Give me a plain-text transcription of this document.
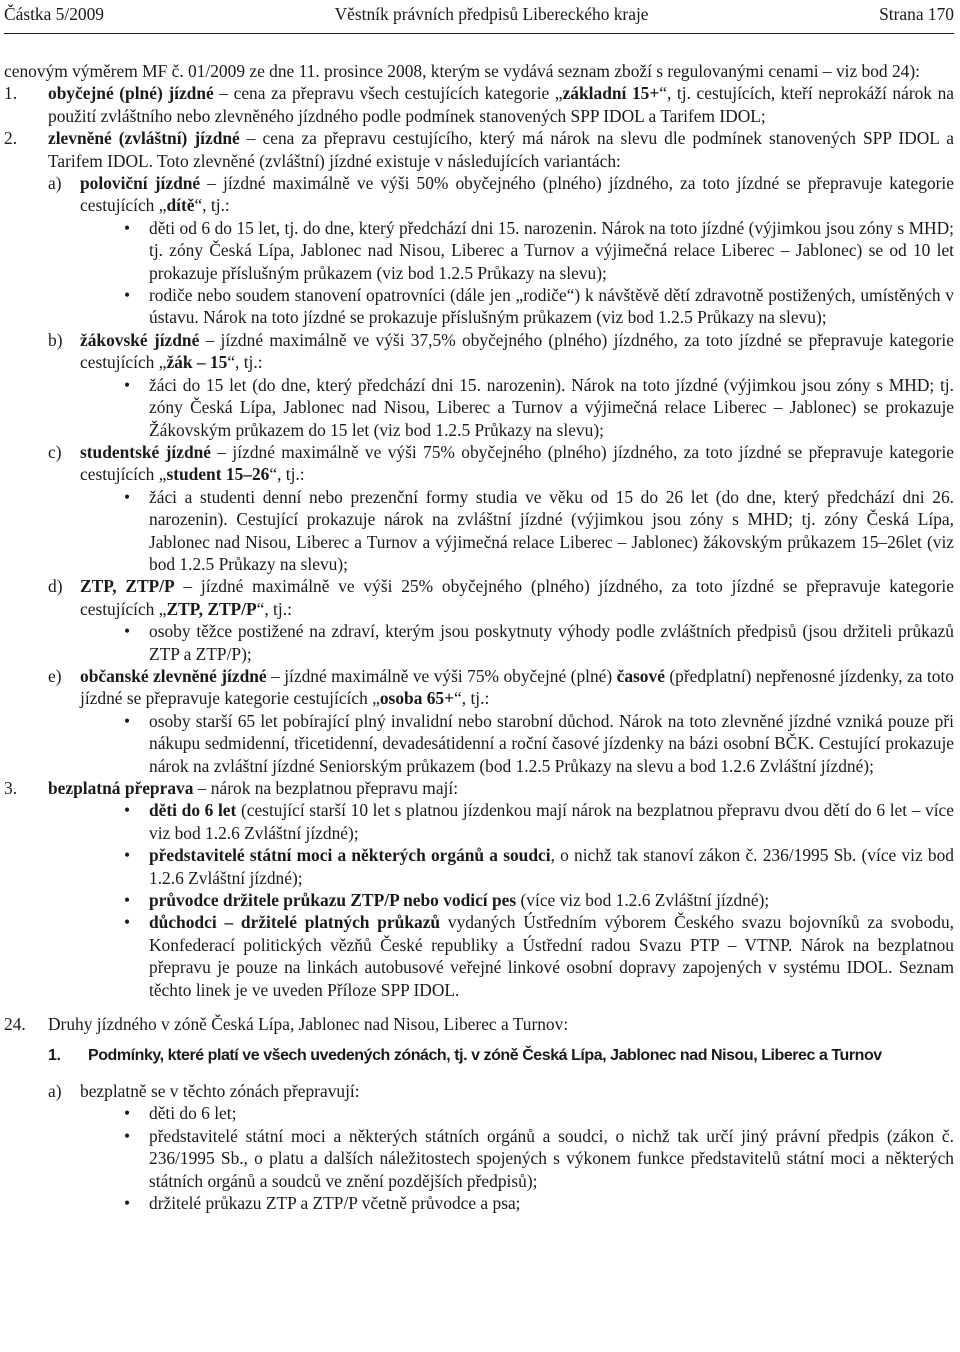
Částka 5/2009	Věstník právních předpisů Libereckého kraje	Strana 170

cenovým výměrem MF č. 01/2009 ze dne 11. prosince 2008, kterým se vydává seznam zboží s regulovanými cenami – viz bod 24):

1.	obyčejné (plné) jízdné – cena za přepravu všech cestujících kategorie „základní 15+“, tj. cestujících, kteří neprokáží nárok na použití zvláštního nebo zlevněného jízdného podle podmínek stanovených SPP IDOL a Tarifem IDOL;
2.	zlevněné (zvláštní) jízdné – cena za přepravu cestujícího, který má nárok na slevu dle podmínek stanovených SPP IDOL a Tarifem IDOL. Toto zlevněné (zvláštní) jízdné existuje v následujících variantách:
a)	poloviční jízdné – jízdné maximálně ve výši 50% obyčejného (plného) jízdného, za toto jízdné se přepravuje kategorie cestujících „dítě“, tj.:
•	děti od 6 do 15 let, tj. do dne, který předchází dni 15. narozenin. Nárok na toto jízdné (výjimkou jsou zóny s MHD; tj. zóny Česká Lípa, Jablonec nad Nisou, Liberec a Turnov a výjimečná relace Liberec – Jablonec) se od 10 let prokazuje příslušným průkazem (viz bod 1.2.5 Průkazy na slevu);
•	rodiče nebo soudem stanovení opatrovníci (dále jen „rodiče“) k návštěvě dětí zdravotně postižených, umístěných v ústavu. Nárok na toto jízdné se prokazuje příslušným průkazem (viz bod 1.2.5 Průkazy na slevu);
b)	žákovské jízdné – jízdné maximálně ve výši 37,5% obyčejného (plného) jízdného, za toto jízdné se přepravuje kategorie cestujících „žák – 15“, tj.:
•	žáci do 15 let (do dne, který předchází dni 15. narozenin). Nárok na toto jízdné (výjimkou jsou zóny s MHD; tj. zóny Česká Lípa, Jablonec nad Nisou, Liberec a Turnov a výjimečná relace Liberec – Jablonec) se prokazuje Žákovským průkazem do 15 let (viz bod 1.2.5 Průkazy na slevu);
c)	studentské jízdné – jízdné maximálně ve výši 75% obyčejného (plného) jízdného, za toto jízdné se přepravuje kategorie cestujících „student 15–26“, tj.:
•	žáci a studenti denní nebo prezenční formy studia ve věku od 15 do 26 let (do dne, který předchází dni 26. narozenin). Cestující prokazuje nárok na zvláštní jízdné (výjimkou jsou zóny s MHD; tj. zóny Česká Lípa, Jablonec nad Nisou, Liberec a Turnov a výjimečná relace Liberec – Jablonec) žákovským průkazem 15–26let (viz bod 1.2.5 Průkazy na slevu);
d)	ZTP, ZTP/P – jízdné maximálně ve výši 25% obyčejného (plného) jízdného, za toto jízdné se přepravuje kategorie cestujících „ZTP, ZTP/P“, tj.:
•	osoby těžce postižené na zdraví, kterým jsou poskytnuty výhody podle zvláštních předpisů (jsou držiteli průkazů ZTP a ZTP/P);
e)	občanské zlevněné jízdné – jízdné maximálně ve výši 75% obyčejné (plné) časové (předplatní) nepřenosné jízdenky, za toto jízdné se přepravuje kategorie cestujících „osoba 65+“, tj.:
•	osoby starší 65 let pobírající plný invalidní nebo starobní důchod. Nárok na toto zlevněné jízdné vzniká pouze při nákupu sedmidenní, třicetidenní, devadesátidenní a roční časové jízdenky na bázi osobní BČK. Cestující prokazuje nárok na zvláštní jízdné Seniorským průkazem (bod 1.2.5 Průkazy na slevu a bod 1.2.6 Zvláštní jízdné);
3.	bezplatná přeprava – nárok na bezplatnou přepravu mají:
•	děti do 6 let (cestující starší 10 let s platnou jízdenkou mají nárok na bezplatnou přepravu dvou dětí do 6 let – více viz bod 1.2.6 Zvláštní jízdné);
•	představitelé státní moci a některých orgánů a soudci, o nichž tak stanoví zákon č. 236/1995 Sb. (více viz bod 1.2.6 Zvláštní jízdné);
•	průvodce držitele průkazu ZTP/P nebo vodicí pes (více viz bod 1.2.6 Zvláštní jízdné);
•	důchodci – držitelé platných průkazů vydaných Ústředním výborem Českého svazu bojovníků za svobodu, Konfederací politických vězňů České republiky a Ústřední radou Svazu PTP – VTNP. Nárok na bezplatnou přepravu je pouze na linkách autobusové veřejné linkové osobní dopravy zapojených v systému IDOL. Seznam těchto linek je ve uveden Příloze SPP IDOL.
24.	Druhy jízdného v zóně Česká Lípa, Jablonec nad Nisou, Liberec a Turnov:
1.	Podmínky, které platí ve všech uvedených zónách, tj. v zóně Česká Lípa, Jablonec nad Nisou, Liberec a Turnov
a)	bezplatně se v těchto zónách přepravují:
•	děti do 6 let;
•	představitelé státní moci a některých státních orgánů a soudci, o nichž tak určí jiný právní předpis (zákon č. 236/1995 Sb., o platu a dalších náležitostech spojených s výkonem funkce představitelů státní moci a některých státních orgánů a soudců ve znění pozdějších předpisů);
•	držitelé průkazu ZTP a ZTP/P včetně průvodce a psa;
